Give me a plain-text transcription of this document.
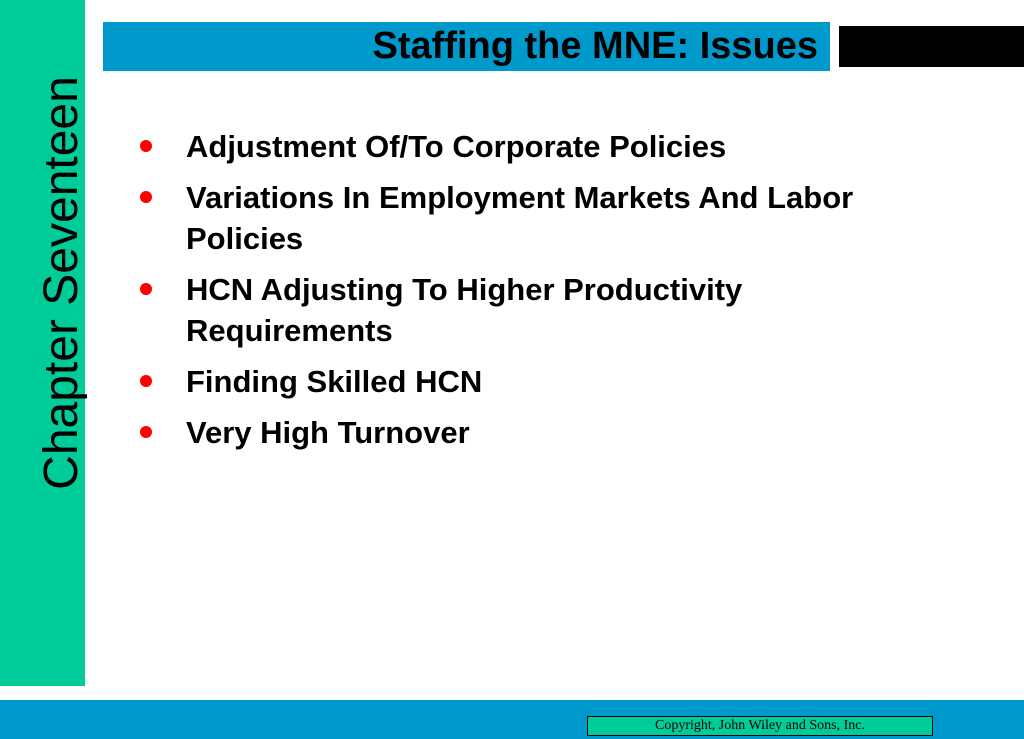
Chapter Seventeen
Staffing the MNE: Issues
Adjustment Of/To Corporate Policies
Variations In Employment Markets And Labor Policies
HCN Adjusting To Higher Productivity Requirements
Finding Skilled HCN
Very High Turnover
Copyright, John Wiley and Sons, Inc.
